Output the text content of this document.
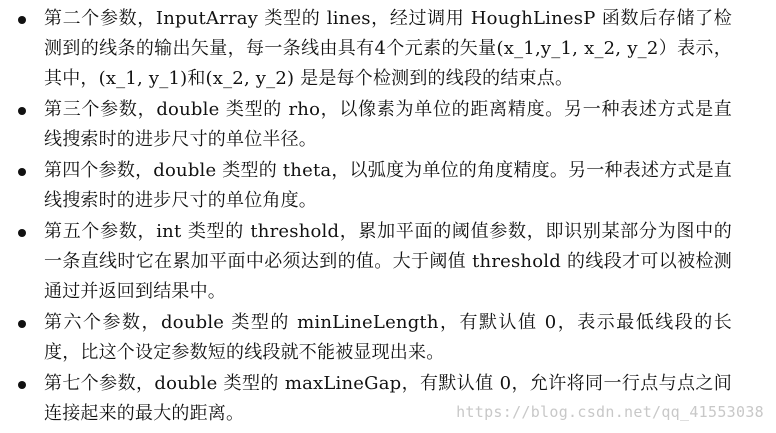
第二个参数，InputArray 类型的 lines，经过调用 HoughLinesP 函数后存储了检测到的线条的输出矢量，每一条线由具有4个元素的矢量(x_1,y_1, x_2, y_2）表示，其中，(x_1, y_1)和(x_2, y_2) 是是每个检测到的线段的结束点。
第三个参数，double 类型的 rho，以像素为单位的距离精度。另一种表述方式是直线搜索时的进步尺寸的单位半径。
第四个参数，double 类型的 theta，以弧度为单位的角度精度。另一种表述方式是直线搜索时的进步尺寸的单位角度。
第五个参数，int 类型的 threshold，累加平面的阈值参数，即识别某部分为图中的一条直线时它在累加平面中必须达到的值。大于阈值 threshold 的线段才可以被检测通过并返回到结果中。
第六个参数，double 类型的 minLineLength，有默认值 0，表示最低线段的长度，比这个设定参数短的线段就不能被显现出来。
第七个参数，double 类型的 maxLineGap，有默认值 0，允许将同一行点与点之间连接起来的最大的距离。	https://blog.csdn.net/qq_41553038
